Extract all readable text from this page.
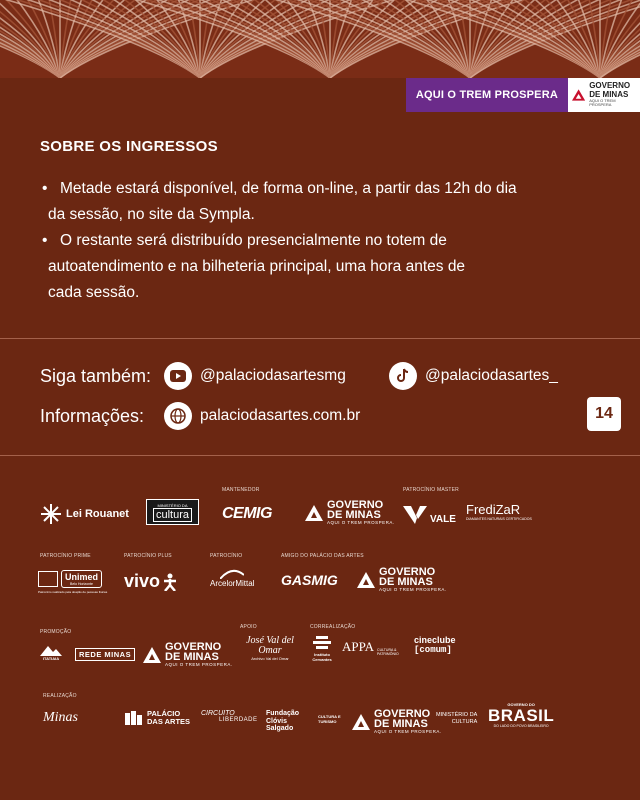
AQUI O TREM PROSPERA
GOVERNO
DE MINAS
AQUI O TREM PROSPERA
SOBRE OS INGRESSOS
• Metade estará disponível, de forma on-line, a partir das 12h do dia
da sessão, no site da Sympla.
• O restante será distribuído presencialmente no totem de
autoatendimento e na bilheteria principal, uma hora antes de
cada sessão.
Siga também:	@palaciodasartesmg	@palaciodasartes_
Informações:	palaciodasartes.com.br	14
MANTENEDOR	PATROCÍNIO MASTER
Lei Rouanet
MINISTÉRIO DA
cultura CEMIG	GOVERNO
DE MINAS
AQUI O TREM PROSPERA.	VALE
FrediZaR
DIAMANTES NATURAIS CERTIFICADOS
PATROCÍNIO PRIME	PATROCÍNIO PLUS	PATROCÍNIO	AMIGO DO PALÁCIO DAS ARTES
Unimed
Belo Horizonte
Patrocínio realizado pela doação de pessoas físicas
vivo	ArcelorMittal GASMIG	GOVERNO
DE MINAS
AQUI O TREM PROSPERA.
PROMOÇÃO
APOIO	CORREALIZAÇÃO
ITATIAIA	REDE MINAS
GOVERNO
DE MINAS
AQUI O TREM PROSPERA.
José Val del Omar
Archivo Val del Omar
Instituto Cervantes
APPA CULTURA & PATRIMÔNIO
cineclube
[comum]
REALIZAÇÃO
Minas	PALÁCIO
DAS ARTES
CIRCUITO
LIBERDADE
Fundação
Clóvis
Salgado
CULTURA E TURISMO
GOVERNO
DE MINAS
AQUI O TREM PROSPERA.
MINISTÉRIO DA
CULTURA
GOVERNO DO
BRASIL
DO LADO DO POVO BRASILEIRO
